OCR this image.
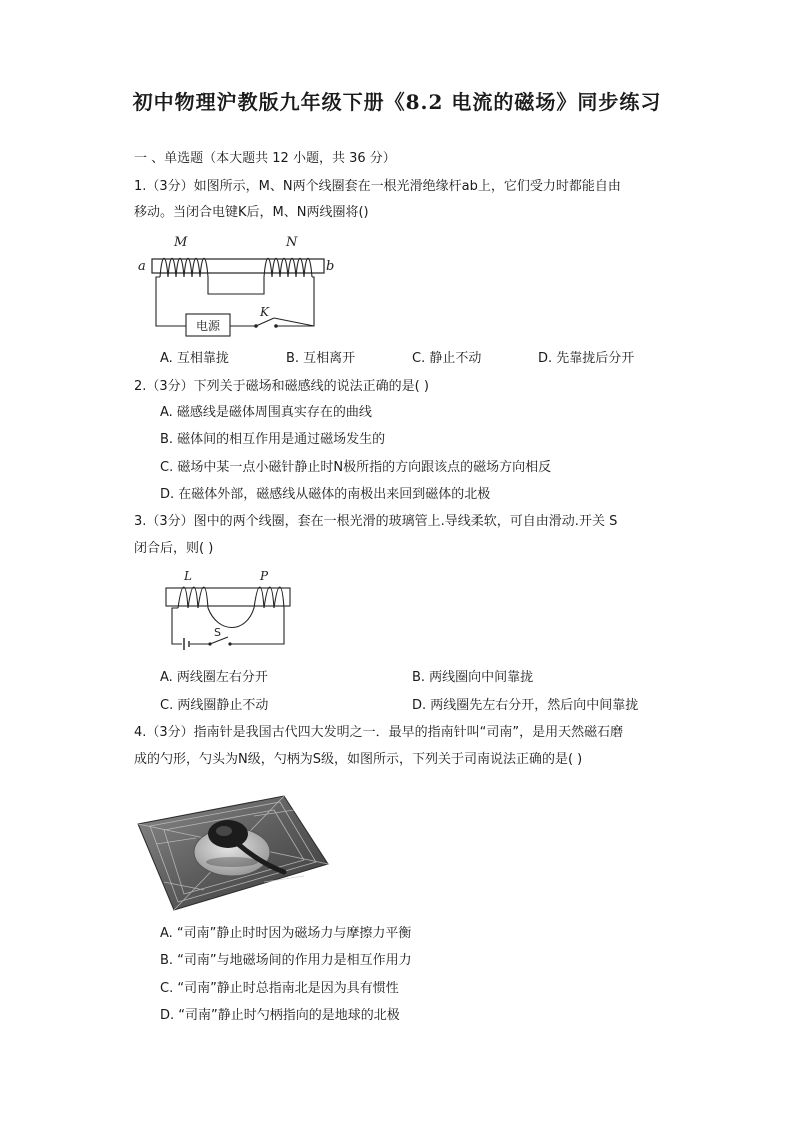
初中物理沪教版九年级下册《8.2 电流的磁场》同步练习
一 、单选题（本大题共 12 小题，共 36 分）
1.（3分）如图所示，M、N两个线圈套在一根光滑绝缘杆ab上，它们受力时都能自由
移动。当闭合电键K后，M、N两线圈将()
电源
M	N
a	b
K
A. 互相靠拢	B. 互相离开	C. 静止不动	D. 先靠拢后分开
2.（3分）下列关于磁场和磁感线的说法正确的是( )
A. 磁感线是磁体周围真实存在的曲线
B. 磁体间的相互作用是通过磁场发生的
C. 磁场中某一点小磁针静止时N极所指的方向跟该点的磁场方向相反
D. 在磁体外部，磁感线从磁体的南极出来回到磁体的北极
3.（3分）图中的两个线圈，套在一根光滑的玻璃管上.导线柔软，可自由滑动.开关 S
闭合后，则( )
L	P
S
A. 两线圈左右分开	B. 两线圈向中间靠拢
C. 两线圈静止不动	D. 两线圈先左右分开，然后向中间靠拢
4.（3分）指南针是我国古代四大发明之一．最早的指南针叫“司南”，是用天然磁石磨
成的勺形，勺头为N级，勺柄为S级，如图所示，下列关于司南说法正确的是( )
A. “司南”静止时时因为磁场力与摩擦力平衡
B. “司南”与地磁场间的作用力是相互作用力
C. “司南”静止时总指南北是因为具有惯性
D. “司南”静止时勺柄指向的是地球的北极
